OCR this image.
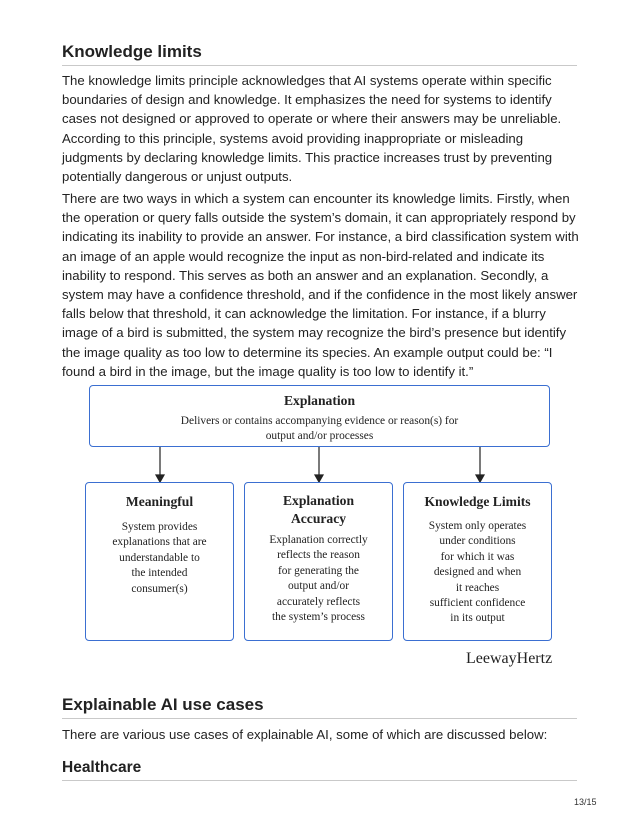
Knowledge limits
The knowledge limits principle acknowledges that AI systems operate within specific boundaries of design and knowledge. It emphasizes the need for systems to identify cases not designed or approved to operate or where their answers may be unreliable. According to this principle, systems avoid providing inappropriate or misleading judgments by declaring knowledge limits. This practice increases trust by preventing potentially dangerous or unjust outputs.
There are two ways in which a system can encounter its knowledge limits. Firstly, when the operation or query falls outside the system’s domain, it can appropriately respond by indicating its inability to provide an answer. For instance, a bird classification system with an image of an apple would recognize the input as non-bird-related and indicate its inability to respond. This serves as both an answer and an explanation. Secondly, a system may have a confidence threshold, and if the confidence in the most likely answer falls below that threshold, it can acknowledge the limitation. For instance, if a blurry image of a bird is submitted, the system may recognize the bird’s presence but identify the image quality as too low to determine its species. An example output could be: “I found a bird in the image, but the image quality is too low to identify it.”
Explanation
Delivers or contains accompanying evidence or reason(s) for
output and/or processes
Meaningful
System provides
explanations that are
understandable to
the intended
consumer(s)
Explanation
Accuracy
Explanation correctly
reflects the reason
for generating the
output and/or
accurately reflects
the system’s process
Knowledge Limits
System only operates
under conditions
for which it was
designed and when
it reaches
sufficient confidence
in its output
LeewayHertz
Explainable AI use cases
There are various use cases of explainable AI, some of which are discussed below:
Healthcare
13/15
